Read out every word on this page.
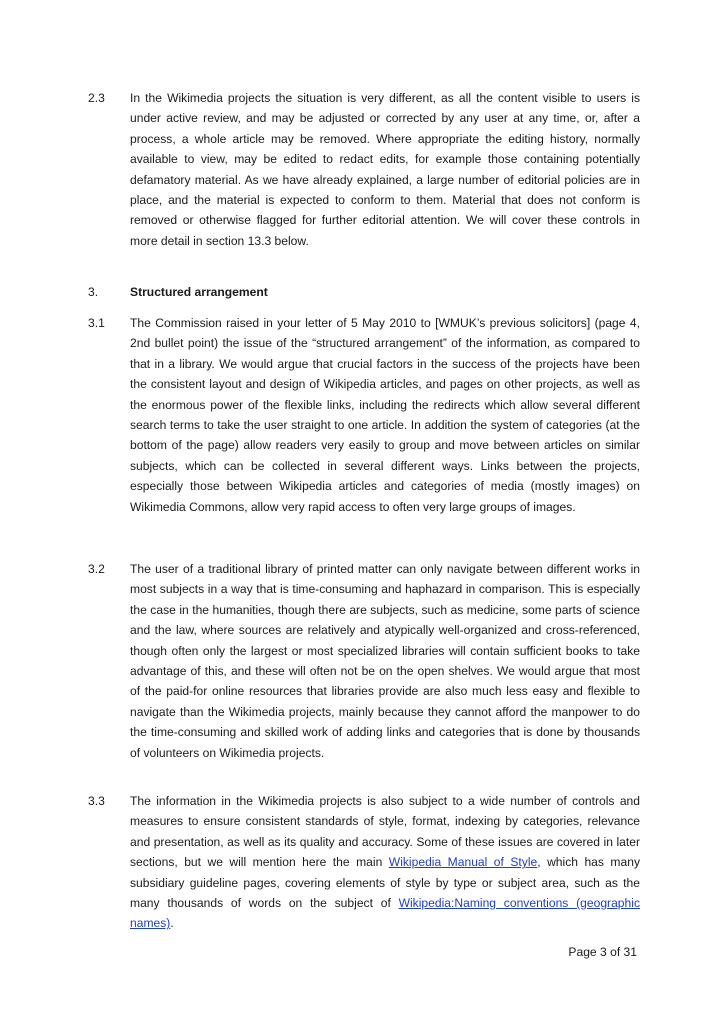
2.3	In the Wikimedia projects the situation is very different, as all the content visible to users is under active review, and may be adjusted or corrected by any user at any time, or, after a process, a whole article may be removed. Where appropriate the editing history, normally available to view, may be edited to redact edits, for example those containing potentially defamatory material. As we have already explained, a large number of editorial policies are in place, and the material is expected to conform to them. Material that does not conform is removed or otherwise flagged for further editorial attention. We will cover these controls in more detail in section 13.3 below.
3.	Structured arrangement
3.1	The Commission raised in your letter of 5 May 2010 to [WMUK’s previous solicitors] (page 4, 2nd bullet point) the issue of the “structured arrangement” of the information, as compared to that in a library. We would argue that crucial factors in the success of the projects have been the consistent layout and design of Wikipedia articles, and pages on other projects, as well as the enormous power of the flexible links, including the redirects which allow several different search terms to take the user straight to one article. In addition the system of categories (at the bottom of the page) allow readers very easily to group and move between articles on similar subjects, which can be collected in several different ways. Links between the projects, especially those between Wikipedia articles and categories of media (mostly images) on Wikimedia Commons, allow very rapid access to often very large groups of images.
3.2	The user of a traditional library of printed matter can only navigate between different works in most subjects in a way that is time-consuming and haphazard in comparison. This is especially the case in the humanities, though there are subjects, such as medicine, some parts of science and the law, where sources are relatively and atypically well-organized and cross-referenced, though often only the largest or most specialized libraries will contain sufficient books to take advantage of this, and these will often not be on the open shelves. We would argue that most of the paid-for online resources that libraries provide are also much less easy and flexible to navigate than the Wikimedia projects, mainly because they cannot afford the manpower to do the time-consuming and skilled work of adding links and categories that is done by thousands of volunteers on Wikimedia projects.
3.3	The information in the Wikimedia projects is also subject to a wide number of controls and measures to ensure consistent standards of style, format, indexing by categories, relevance and presentation, as well as its quality and accuracy. Some of these issues are covered in later sections, but we will mention here the main Wikipedia Manual of Style, which has many subsidiary guideline pages, covering elements of style by type or subject area, such as the many thousands of words on the subject of Wikipedia:Naming conventions (geographic names).
Page 3 of 31
